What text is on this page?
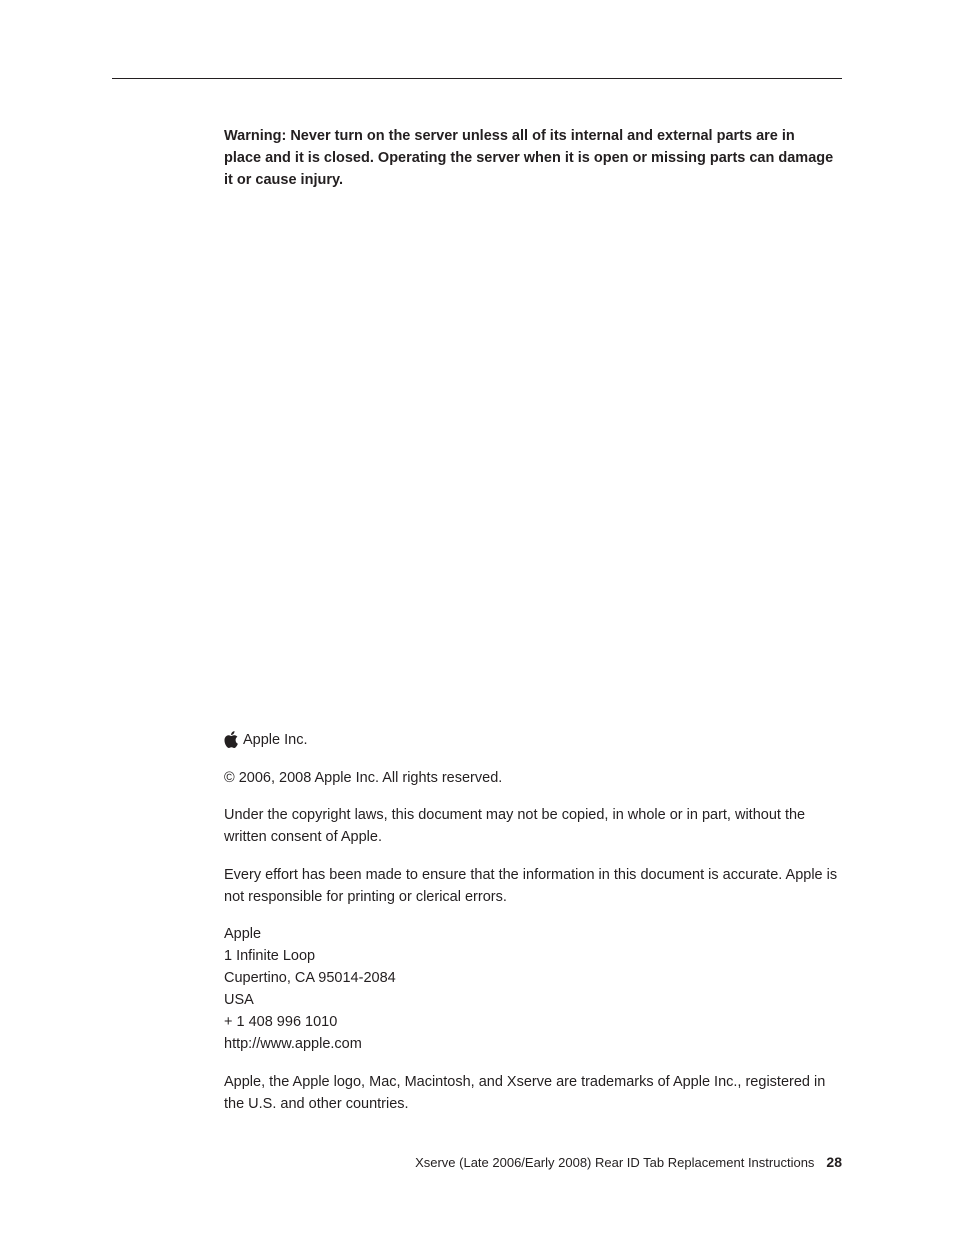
Warning: Never turn on the server unless all of its internal and external parts are in place and it is closed. Operating the server when it is open or missing parts can damage it or cause injury.

Apple Inc.

© 2006, 2008 Apple Inc. All rights reserved.

Under the copyright laws, this document may not be copied, in whole or in part, without the written consent of Apple.

Every effort has been made to ensure that the information in this document is accurate. Apple is not responsible for printing or clerical errors.

Apple
1 Infinite Loop
Cupertino, CA 95014-2084
USA
+ 1 408 996 1010
http://www.apple.com

Apple, the Apple logo, Mac, Macintosh, and Xserve are trademarks of Apple Inc., registered in the U.S. and other countries.

Xserve (Late 2006/Early 2008) Rear ID Tab Replacement Instructions 28
